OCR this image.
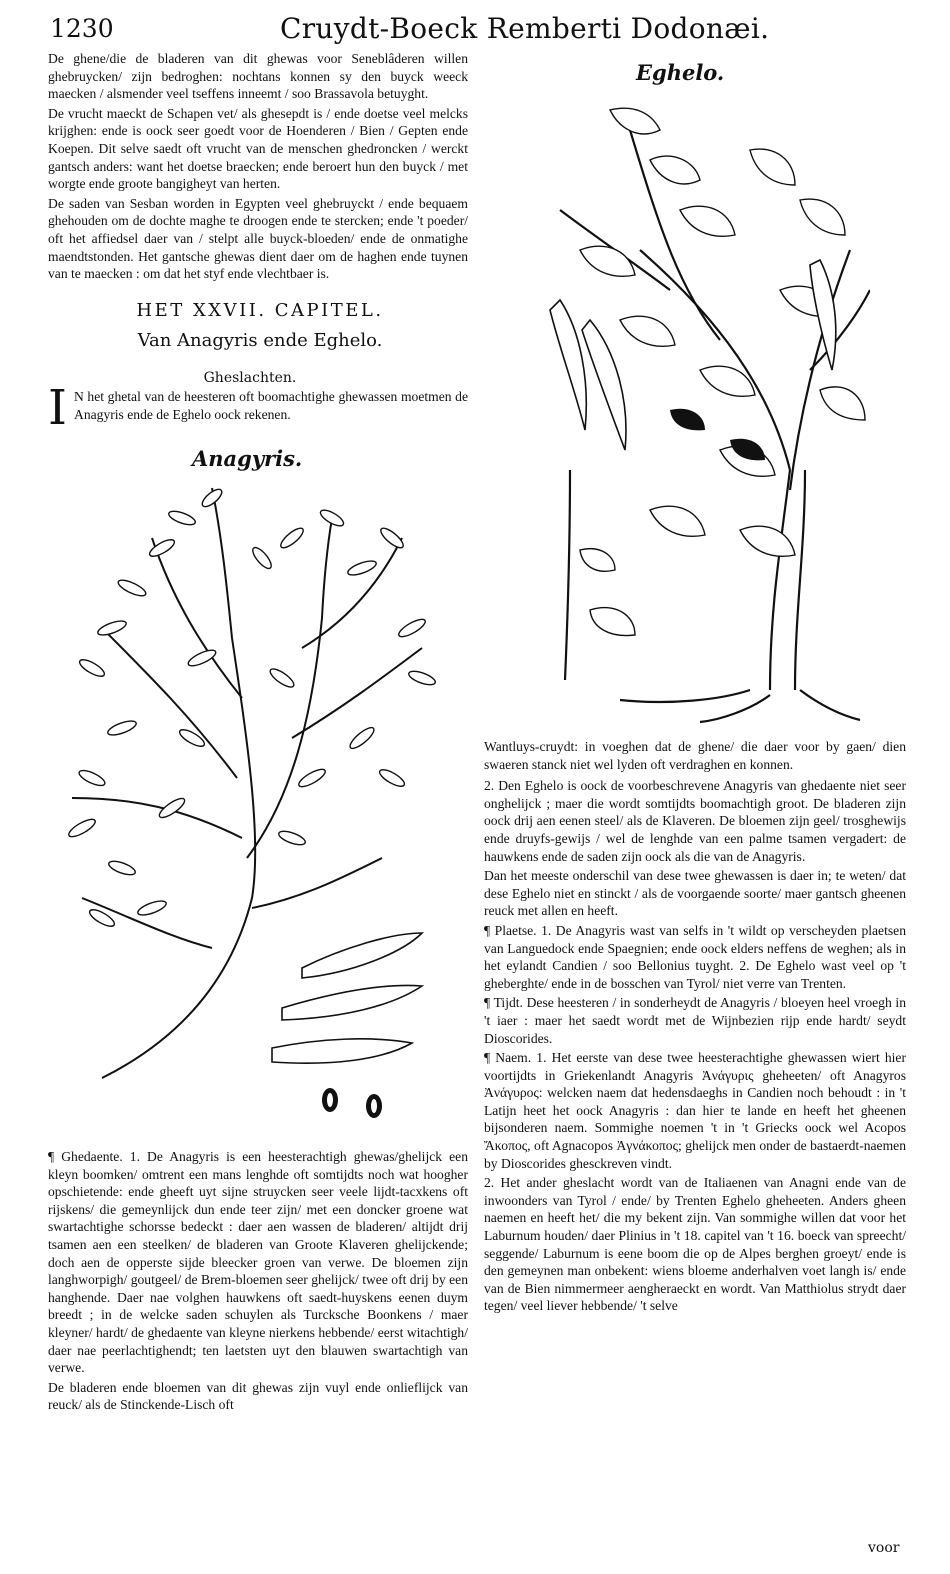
1230	Cruydt-Boeck Remberti Dodonæi.

De ghene/die de bladeren van dit ghewas voor Seneblâderen willen ghebruycken/ zijn bedroghen: nochtans konnen sy den buyck weeck maecken / alsmender veel tseffens inneemt / soo Brassavola betuyght.

De vrucht maeckt de Schapen vet/ als ghesepdt is / ende doetse veel melcks krijghen: ende is oock seer goedt voor de Hoenderen / Bien / Gepten ende Koepen. Dit selve saedt oft vrucht van de menschen ghedroncken / werckt gantsch anders: want het doetse braecken; ende beroert hun den buyck / met worgte ende groote bangigheyt van herten.

De saden van Sesban worden in Egypten veel ghebruyckt / ende bequaem ghehouden om de dochte maghe te droogen ende te stercken; ende 't poeder/ oft het affiedsel daer van / stelpt alle buyck-bloeden/ ende de onmatighe maendtstonden. Het gantsche ghewas dient daer om de haghen ende tuynen van te maecken : om dat het styf ende vlechtbaer is.

HET XXVII. CAPITEL.
Van Anagyris ende Eghelo.
Gheslachten.
I N het ghetal van de heesteren oft boomachtighe ghewassen moetmen de Anagyris ende de Eghelo oock rekenen.

Anagyris.

¶ Ghedaente. 1. De Anagyris is een heesterachtigh ghewas/ghelijck een kleyn boomken/ omtrent een mans lenghde oft somtijdts noch wat hoogher opschietende: ende gheeft uyt sijne struycken seer veele lijdt-tacxkens oft rijskens/ die gemeynlijck dun ende teer zijn/ met een doncker groene wat swartachtighe schorsse bedeckt : daer aen wassen de bladeren/ altijdt drij tsamen aen een steelken/ de bladeren van Groote Klaveren ghelijckende; doch aen de opperste sijde bleecker groen van verwe. De bloemen zijn langhworpigh/ goutgeel/ de Brem-bloemen seer ghelijck/ twee oft drij by een hanghende. Daer nae volghen hauwkens oft saedt-huyskens eenen duym breedt ; in de welcke saden schuylen als Turcksche Boonkens / maer kleyner/ hardt/ de ghedaente van kleyne nierkens hebbende/ eerst witachtigh/ daer nae peerlachtighendt; ten laetsten uyt den blauwen swartachtigh van verwe.

De bladeren ende bloemen van dit ghewas zijn vuyl ende onlieflijck van reuck/ als de Stinckende-Lisch oft

Eghelo.

Wantluys-cruydt: in voeghen dat de ghene/ die daer voor by gaen/ dien swaeren stanck niet wel lyden oft verdraghen en konnen.

2. Den Eghelo is oock de voorbeschrevene Anagyris van ghedaente niet seer onghelijck ; maer die wordt somtijdts boomachtigh groot. De bladeren zijn oock drij aen eenen steel/ als de Klaveren. De bloemen zijn geel/ trosghewijs ende druyfs-gewijs / wel de lenghde van een palme tsamen vergadert: de hauwkens ende de saden zijn oock als die van de Anagyris.

Dan het meeste onderschil van dese twee ghewassen is daer in; te weten/ dat dese Eghelo niet en stinckt / als de voorgaende soorte/ maer gantsch gheenen reuck met allen en heeft.

¶ Plaetse. 1. De Anagyris wast van selfs in 't wildt op verscheyden plaetsen van Languedock ende Spaegnien; ende oock elders neffens de weghen; als in het eylandt Candien / soo Bellonius tuyght. 2. De Eghelo wast veel op 't gheberghte/ ende in de bosschen van Tyrol/ niet verre van Trenten.

¶ Tijdt. Dese heesteren / in sonderheydt de Anagyris / bloeyen heel vroegh in 't iaer : maer het saedt wordt met de Wijnbezien rijp ende hardt/ seydt Dioscorides.

¶ Naem. 1. Het eerste van dese twee heesterachtighe ghewassen wiert hier voortijdts in Griekenlandt Anagyris Ἀνάγυρις gheheeten/ oft Anagyros Ἀνάγυρος: welcken naem dat hedensdaeghs in Candien noch behoudt : in 't Latijn heet het oock Anagyris : dan hier te lande en heeft het gheenen bijsonderen naem. Sommighe noemen 't in 't Griecks oock wel Acopos Ἄκοπος, oft Agnacopos Ἀγνάκοπος; ghelijck men onder de bastaerdt-naemen by Dioscorides ghesckreven vindt.

2. Het ander gheslacht wordt van de Italiaenen van Anagni ende van de inwoonders van Tyrol / ende/ by Trenten Eghelo gheheeten. Anders gheen naemen en heeft het/ die my bekent zijn. Van sommighe willen dat voor het Laburnum houden/ daer Plinius in 't 18. capitel van 't 16. boeck van spreecht/ seggende/ Laburnum is eene boom die op de Alpes berghen groeyt/ ende is den gemeynen man onbekent: wiens bloeme anderhalven voet langh is/ ende van de Bien nimmermeer aengheraeckt en wordt. Van Matthiolus strydt daer tegen/ veel liever hebbende/ 't selve

voor
